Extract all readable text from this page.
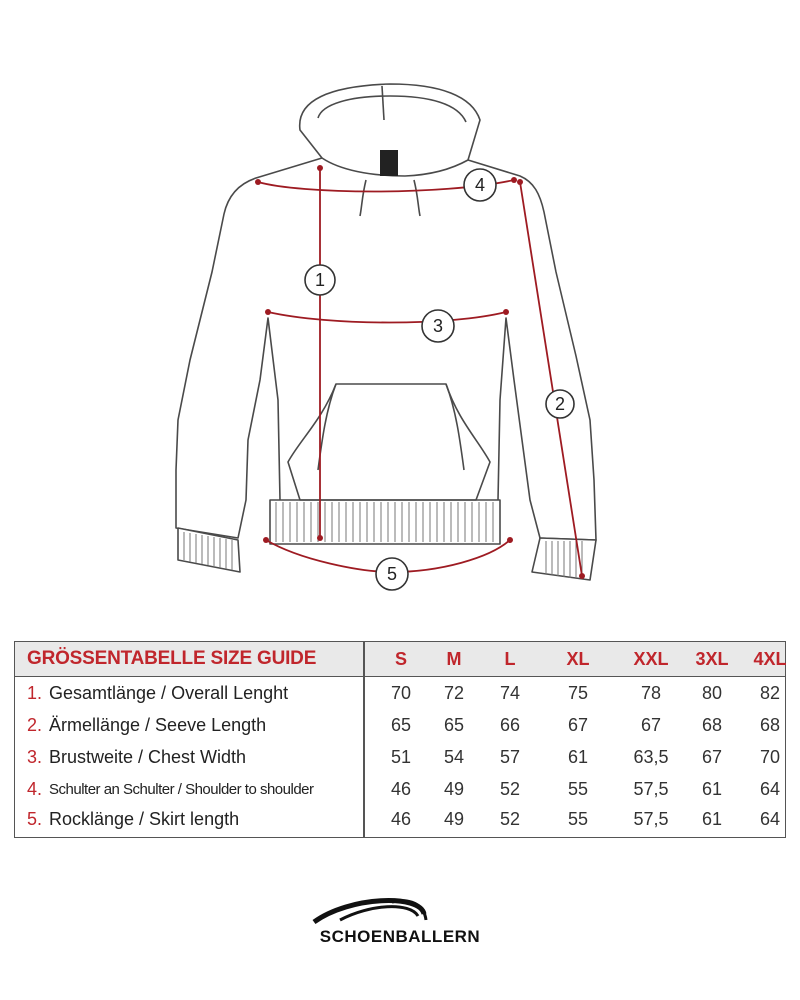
1
2
3
4
5
GRÖSSENTABELLE SIZE GUIDE	S	M	L	XL	XXL	3XL	4XL
1. Gesamtlänge / Overall Lenght	70	72	74	75	78	80	82
2. Ärmellänge / Seeve Length	65	65	66	67	67	68	68
3. Brustweite / Chest Width	51	54	57	61	63,5	67	70
4. Schulter an Schulter / Shoulder to shoulder	46	49	52	55	57,5	61	64
5. Rocklänge / Skirt length	46	49	52	55	57,5	61	64
SCHOENBALLERN
